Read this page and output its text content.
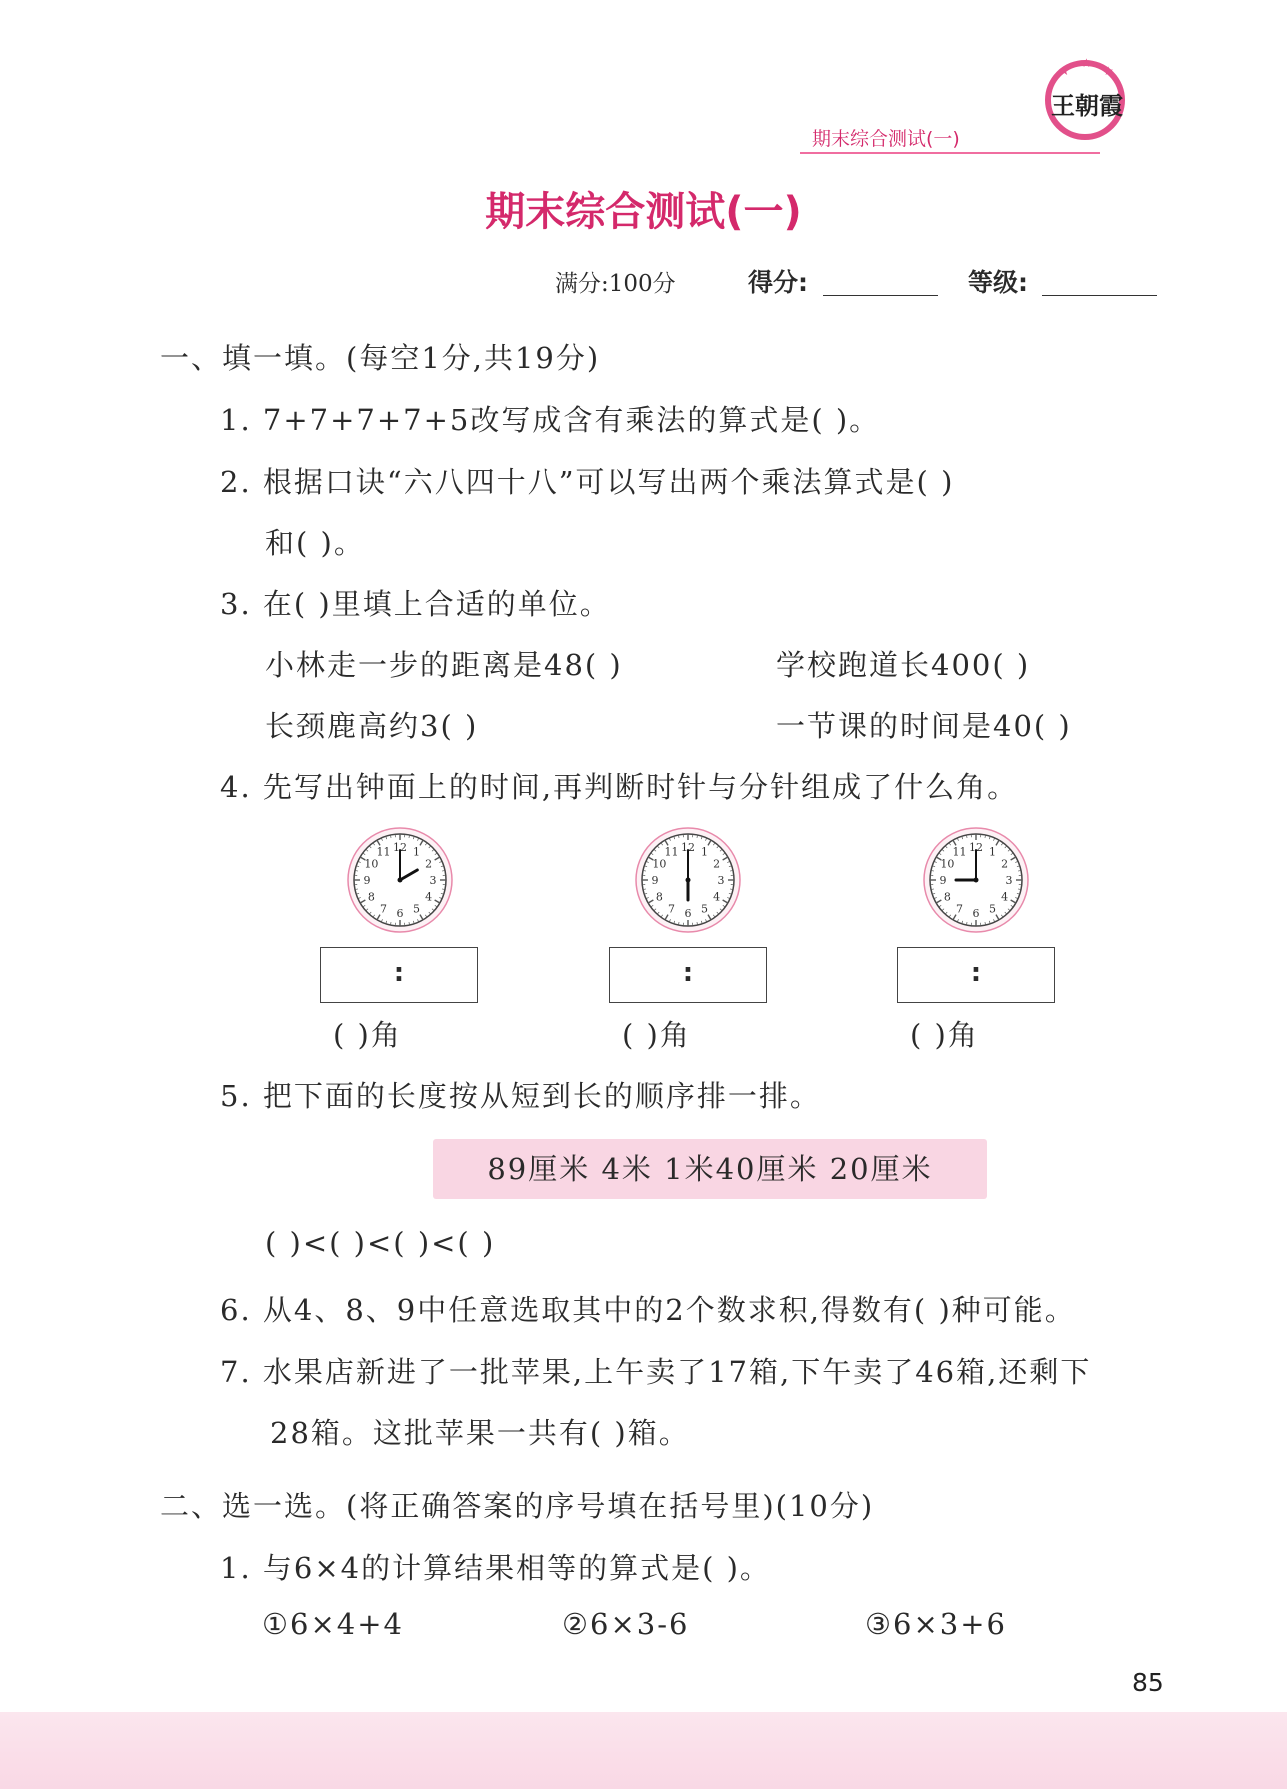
期末综合测试(一)
★
★
★
王朝霞
期末综合测试(一)
满分:100分	得分:	等级:
一、填一填。(每空1分,共19分)
1. 7+7+7+7+5改写成含有乘法的算式是( )。
2. 根据口诀“六八四十八”可以写出两个乘法算式是( )
和( )。
3. 在( )里填上合适的单位。
小林走一步的距离是48( )	学校跑道长400( )
长颈鹿高约3( )	一节课的时间是40( )
4. 先写出钟面上的时间,再判断时针与分针组成了什么角。
1
2
3
4
5
6
7
8
9
10
11 12	1
2
3
4
5
6
7
8
9
10
11 12	1
2
3
4
5
6
7
8
9
10
11 12
:	:	:
( )角	( )角	( )角
5. 把下面的长度按从短到长的顺序排一排。
89厘米 4米 1米40厘米 20厘米
( )<( )<( )<( )
6. 从4、8、9中任意选取其中的2个数求积,得数有( )种可能。
7. 水果店新进了一批苹果,上午卖了17箱,下午卖了46箱,还剩下
28箱。这批苹果一共有( )箱。
二、选一选。(将正确答案的序号填在括号里)(10分)
1. 与6×4的计算结果相等的算式是( )。
①6×4+4	②6×3-6	③6×3+6
85
